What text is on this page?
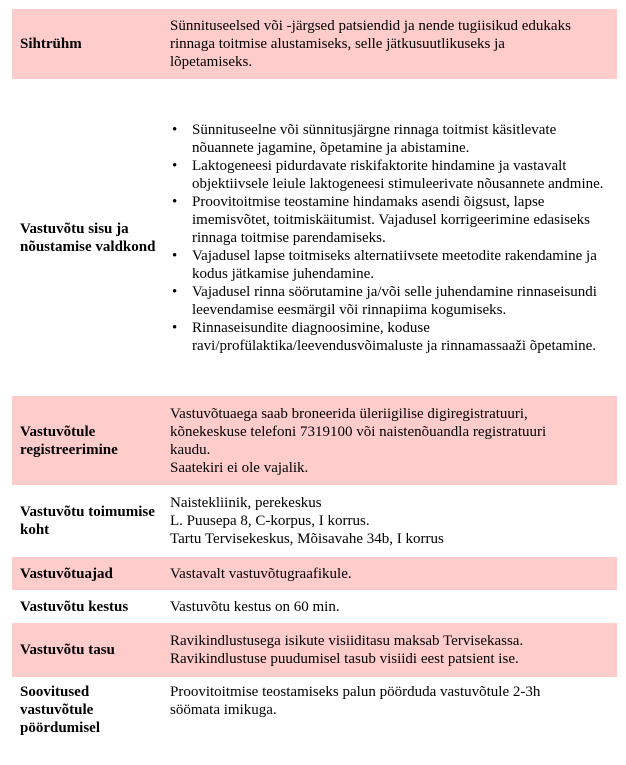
Sihtrühm
Sünnituseelsed või -järgsed patsiendid ja nende tugiisikud edukaks
rinnaga toitmise alustamiseks, selle jätkusuutlikuseks ja
lõpetamiseks.
Vastuvõtu sisu ja nõustamise valdkond
• Sünnituseelne või sünnitusjärgne rinnaga toitmist käsitlevate nõuannete jagamine, õpetamine ja abistamine.
• Laktogeneesi pidurdavate riskifaktorite hindamine ja vastavalt objektiivsele leiule laktogeneesi stimuleerivate nõusannete andmine.
• Proovitoitmise teostamine hindamaks asendi õigsust, lapse imemisvõtet, toitmiskäitumist. Vajadusel korrigeerimine edasiseks rinnaga toitmise parendamiseks.
• Vajadusel lapse toitmiseks alternatiivsete meetodite rakendamine ja kodus jätkamise juhendamine.
• Vajadusel rinna söörutamine ja/või selle juhendamine rinnaseisundi leevendamise eesmärgil või rinnapiima kogumiseks.
• Rinnaseisundite diagnoosimine, koduse ravi/profülaktika/leevendusvõimaluste ja rinnamassaaži õpetamine.
Vastuvõtule registreerimine
Vastuvõtuaega saab broneerida üleriigilise digiregistratuuri,
kõnekeskuse telefoni 7319100 või naistenõuandla registratuuri
kaudu.
Saatekiri ei ole vajalik.
Vastuvõtu toimumise koht
Naistekliinik, perekeskus
L. Puusepa 8, C-korpus, I korrus.
Tartu Tervisekeskus, Mõisavahe 34b, I korrus
Vastuvõtuajad	Vastavalt vastuvõtugraafikule.
Vastuvõtu kestus	Vastuvõtu kestus on 60 min.
Vastuvõtu tasu
Ravikindlustusega isikute visiiditasu maksab Tervisekassa.
Ravikindlustuse puudumisel tasub visiidi eest patsient ise.
Soovitused vastuvõtule pöördumisel
Proovitoitmise teostamiseks palun pöörduda vastuvõtule 2-3h
söömata imikuga.
